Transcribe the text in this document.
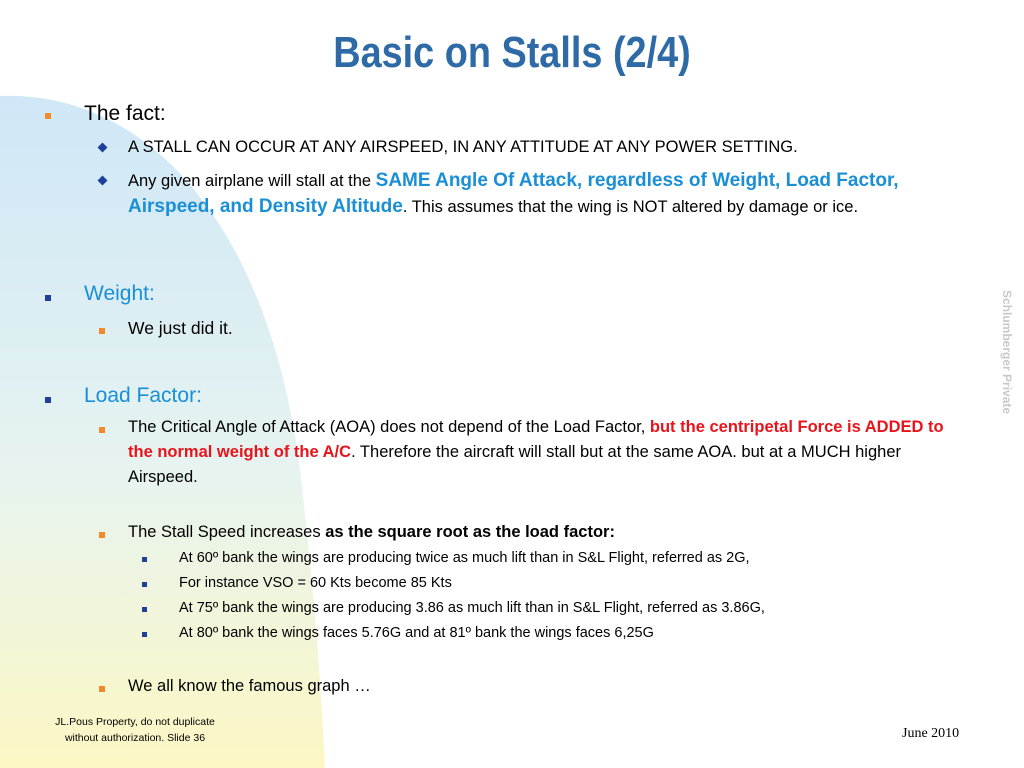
Basic on Stalls (2/4)
The fact:
A STALL CAN OCCUR AT ANY AIRSPEED, IN ANY ATTITUDE AT ANY POWER SETTING.
Any given airplane will stall at the SAME Angle Of Attack, regardless of Weight, Load Factor, Airspeed, and Density Altitude. This assumes that the wing is NOT altered by damage or ice.
Weight:
We just did it.
Load Factor:
The Critical Angle of Attack (AOA) does not depend of the Load Factor, but the centripetal Force is ADDED to the normal weight of the A/C. Therefore the aircraft will stall but at the same AOA. but at a MUCH higher Airspeed.
The Stall Speed increases as the square root as the load factor:
At 60º bank the wings are producing twice as much lift than in S&L Flight, referred as 2G,
For instance VSO = 60 Kts become 85 Kts
At 75º bank the wings are producing 3.86 as much lift than in S&L Flight, referred as 3.86G,
At 80º bank the wings faces 5.76G and at 81º bank the wings faces 6,25G
We all know the famous graph …
Schlumberger Private
JL.Pous Property, do not duplicate
without authorization. Slide 36	June 2010
